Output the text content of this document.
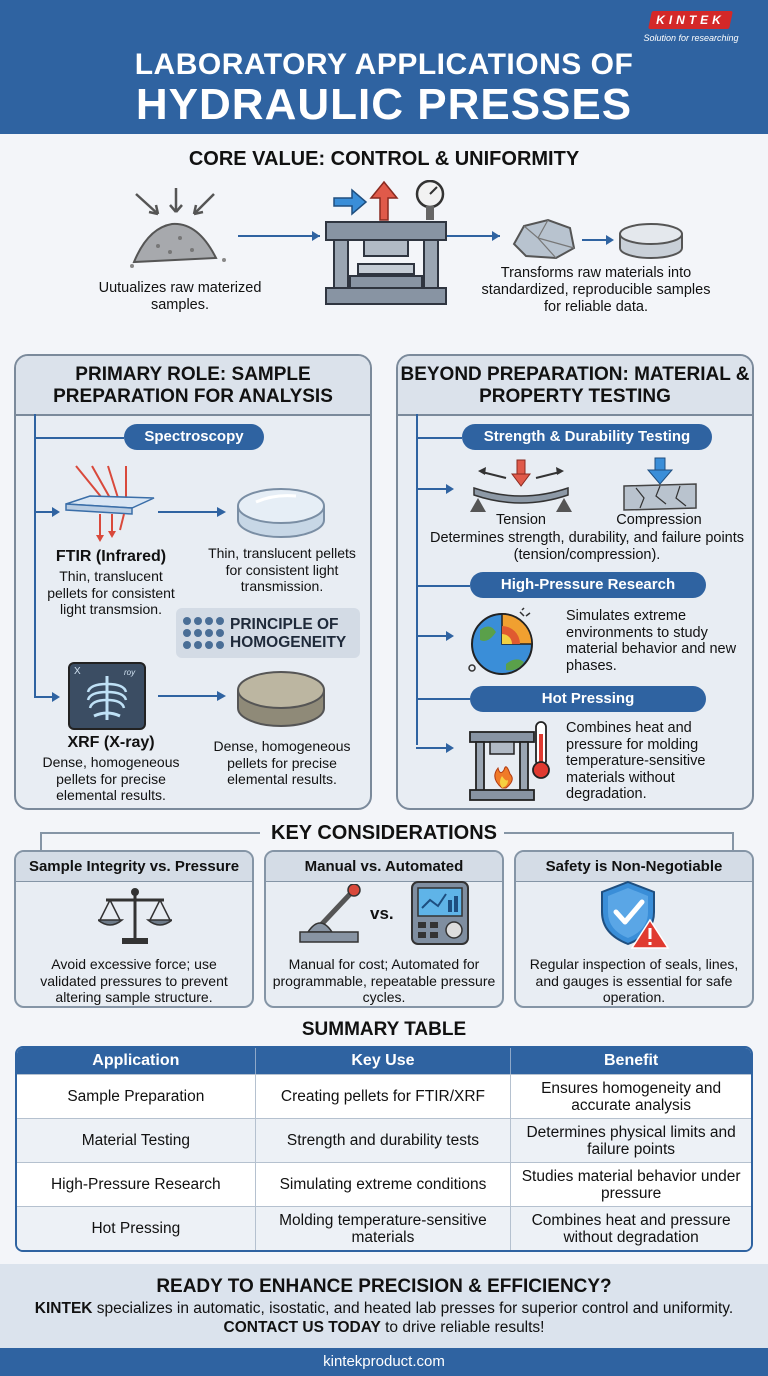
KINTEK
Solution for researching
LABORATORY APPLICATIONS OF
HYDRAULIC PRESSES
CORE VALUE: CONTROL & UNIFORMITY
Uutualizes raw materized samples.
Transforms raw materials into standardized, reproducible samples for reliable data.
PRIMARY ROLE: SAMPLE PREPARATION FOR ANALYSIS
Spectroscopy
FTIR (Infrared)
Thin, translucent pellets for consistent light transmsion.
Thin, translucent pellets for consistent light transmission.
PRINCIPLE OF HOMOGENEITY
X	roy
XRF (X-ray)
Dense, homogeneous pellets for precise elemental results.
Dense, homogeneous pellets for precise elemental results.
BEYOND PREPARATION: MATERIAL & PROPERTY TESTING
Strength & Durability Testing
Tension	Compression
Determines strength, durability, and failure points (tension/compression).
High-Pressure Research
Simulates extreme environments to study material behavior and new phases.
Hot Pressing
Combines heat and pressure for molding temperature-sensitive materials without degradation.
KEY CONSIDERATIONS
Sample Integrity vs. Pressure
Avoid excessive force; use validated pressures to prevent altering sample structure.
Manual vs. Automated
Manual for cost; Automated for programmable, repeatable pressure cycles.
vs.
Safety is Non-Negotiable
Regular inspection of seals, lines, and gauges is essential for safe operation.
SUMMARY TABLE
Application	Key Use	Benefit
Sample Preparation	Creating pellets for FTIR/XRF	Ensures homogeneity and accurate analysis
Material Testing	Strength and durability tests	Determines physical limits and failure points
High-Pressure Research	Simulating extreme conditions	Studies material behavior under pressure
Hot Pressing	Molding temperature-sensitive materials	Combines heat and pressure without degradation
READY TO ENHANCE PRECISION & EFFICIENCY?
KINTEK specializes in automatic, isostatic, and heated lab presses for superior control and uniformity. CONTACT US TODAY to drive reliable results!
kintekproduct.com
